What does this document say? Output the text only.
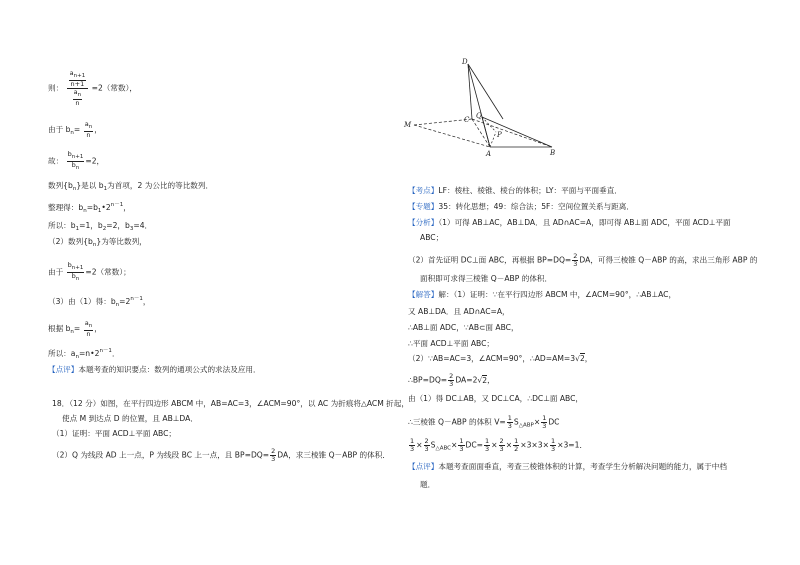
则： $\frac{\frac{a_{n+1}}{n+1}}{\frac{a_n}{n}} =2$（常数），
由于 $b_n= \frac{a_n}{n}$ ，
故： $\frac{b_{n+1}}{b_n} =2$，
数列$\{b_n\}$是以 $b_1$为首项，2 为公比的等比数列．
整理得：$b_n=b_1•2^{n-1}$，
所以：$b_1=1$，$b_2=2$，$b_3=4$．
（2）数列$\{b_n\}$为等比数列，
由于 $\frac{b_{n+1}}{b_n} =2$（常数）；
（3）由（1）得：$b_n=2^{n-1}$，
根据 $b_n= \frac{a_n}{n}$ ，
所以：$a_n=n•2^{n-1}$．
【点评】本题考查的知识要点：数列的通项公式的求法及应用．
18．（12 分）如图，在平行四边形 ABCM 中，AB=AC=3，∠ACM=90°，以 AC 为折痕将△ACM 折起，
使点 M 到达点 D 的位置，且 AB⊥DA．
（1）证明：平面 ACD⊥平面 ABC；
（2）Q 为线段 AD 上一点，P 为线段 BC 上一点，且 $BP=DQ= \frac{2}{3}$ DA，求三棱锥 Q－ABP 的体积．
D
M
C Q
P
A	B
【考点】LF：棱柱、棱锥、棱台的体积；LY：平面与平面垂直．
【专题】35：转化思想；49：综合法；5F：空间位置关系与距离．
【分析】（1）可得 AB⊥AC，AB⊥DA．且 AD∩AC=A，即可得 AB⊥面 ADC，平面 ACD⊥平面
ABC；
（2）首先证明 DC⊥面 ABC，再根据 $BP=DQ= \frac{2}{3}$ DA，可得三棱锥 Q－ABP 的高，求出三角形 ABP 的
面积即可求得三棱锥 Q－ABP 的体积．
【解答】解：（1）证明：∵在平行四边形 ABCM 中，∠ACM=90°，∴AB⊥AC，
又 AB⊥DA．且 AD∩AC=A，
∴AB⊥面 ADC，∵AB⊂面 ABC，
∴平面 ACD⊥平面 ABC；
（2）∵AB=AC=3，∠ACM=90°，∴AD=AM=3√2，
∴BP=DQ= $\frac{2}{3} DA=2√2$，
由（1）得 DC⊥AB，又 DC⊥CA，∴DC⊥面 ABC，
∴三棱锥 Q－ABP 的体积 $V= \frac{1}{3} S_{\triangle ABP}\times \frac{1}{3}$ DC
$\frac{1}{3} \times \frac{2}{3} S_{\triangle ABC}\times \frac{1}{3} DC= \frac{1}{3} \times \frac{2}{3} \times \frac{1}{2} \times 3\times 3\times \frac{1}{3} \times 3=1$．
【点评】本题考查面面垂直，考查三棱锥体积的计算，考查学生分析解决问题的能力，属于中档
题．
